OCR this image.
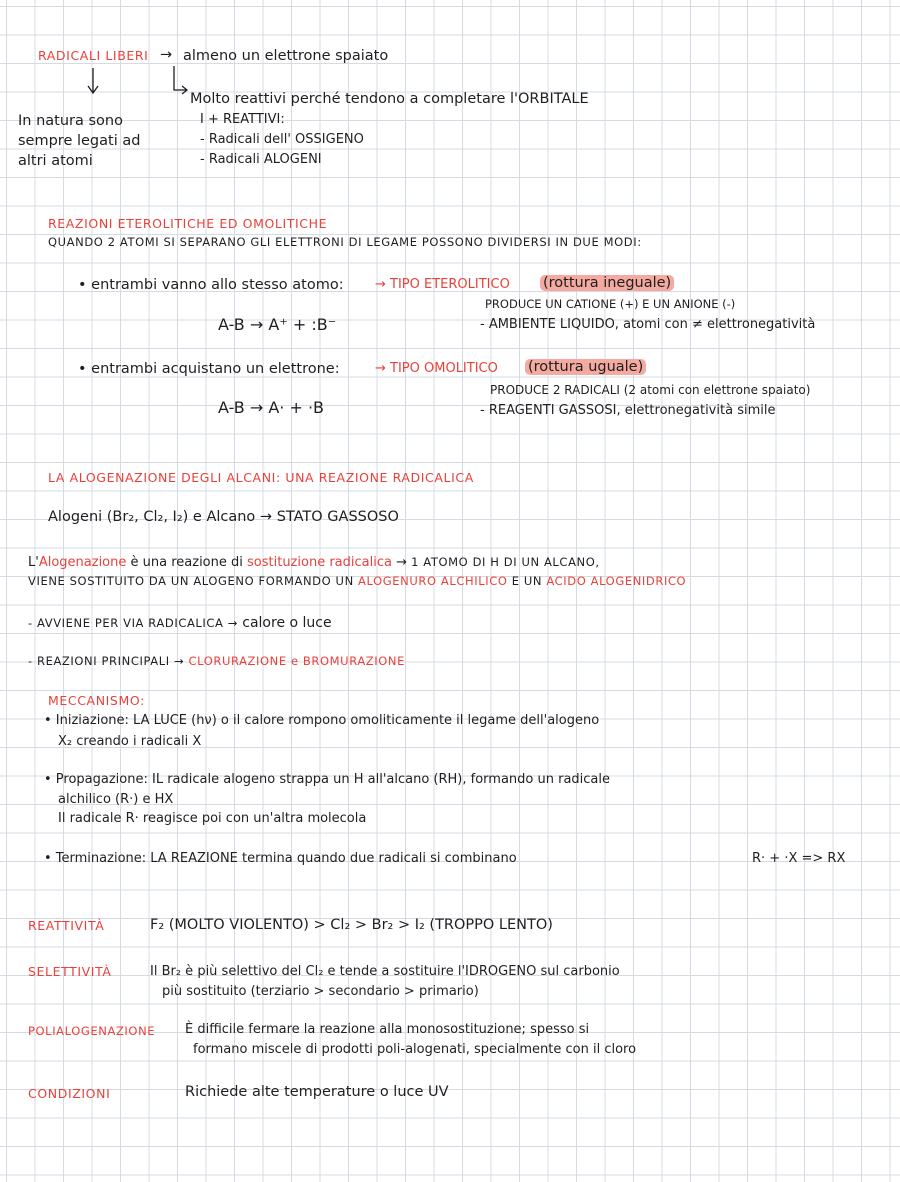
RADICALI LIBERI → almeno un elettrone spaiato
Molto reattivi perché tendono a completare l'ORBITALE
In natura sono
sempre legati ad
altri atomi
I + REATTIVI:
- Radicali dell' OSSIGENO
- Radicali ALOGENI
REAZIONI ETEROLITICHE ED OMOLITICHE
QUANDO 2 ATOMI SI SEPARANO GLI ELETTRONI DI LEGAME POSSONO DIVIDERSI IN DUE MODI:
• entrambi vanno allo stesso atomo: → TIPO ETEROLITICO (rottura ineguale)
PRODUCE UN CATIONE (+) E UN ANIONE (-)
A-B → A⁺ + :B⁻	- AMBIENTE LIQUIDO, atomi con ≠ elettronegatività
• entrambi acquistano un elettrone:	→ TIPO OMOLITICO (rottura uguale)
PRODUCE 2 RADICALI (2 atomi con elettrone spaiato)
A-B → A· + ·B	- REAGENTI GASSOSI, elettronegatività simile
LA ALOGENAZIONE DEGLI ALCANI: UNA REAZIONE RADICALICA
Alogeni (Br₂, Cl₂, I₂) e Alcano → STATO GASSOSO
L'Alogenazione è una reazione di sostituzione radicalica → 1 ATOMO DI H DI UN ALCANO,
VIENE SOSTITUITO DA UN ALOGENO FORMANDO UN ALOGENURO ALCHILICO E UN ACIDO ALOGENIDRICO
- AVVIENE PER VIA RADICALICA → calore o luce
- REAZIONI PRINCIPALI → CLORURAZIONE e BROMURAZIONE
MECCANISMO:
• Iniziazione: LA LUCE (hν) o il calore rompono omoliticamente il legame dell'alogeno
X₂ creando i radicali X
• Propagazione: IL radicale alogeno strappa un H all'alcano (RH), formando un radicale
alchilico (R·) e HX
Il radicale R· reagisce poi con un'altra molecola
• Terminazione: LA REAZIONE termina quando due radicali si combinano	R· + ·X => RX
REATTIVITÀ	F₂ (MOLTO VIOLENTO) > Cl₂ > Br₂ > I₂ (TROPPO LENTO)
SELETTIVITÀ	Il Br₂ è più selettivo del Cl₂ e tende a sostituire l'IDROGENO sul carbonio
più sostituito (terziario > secondario > primario)
POLIALOGENAZIONE È difficile fermare la reazione alla monosostituzione; spesso si
formano miscele di prodotti poli-alogenati, specialmente con il cloro
CONDIZIONI	Richiede alte temperature o luce UV
